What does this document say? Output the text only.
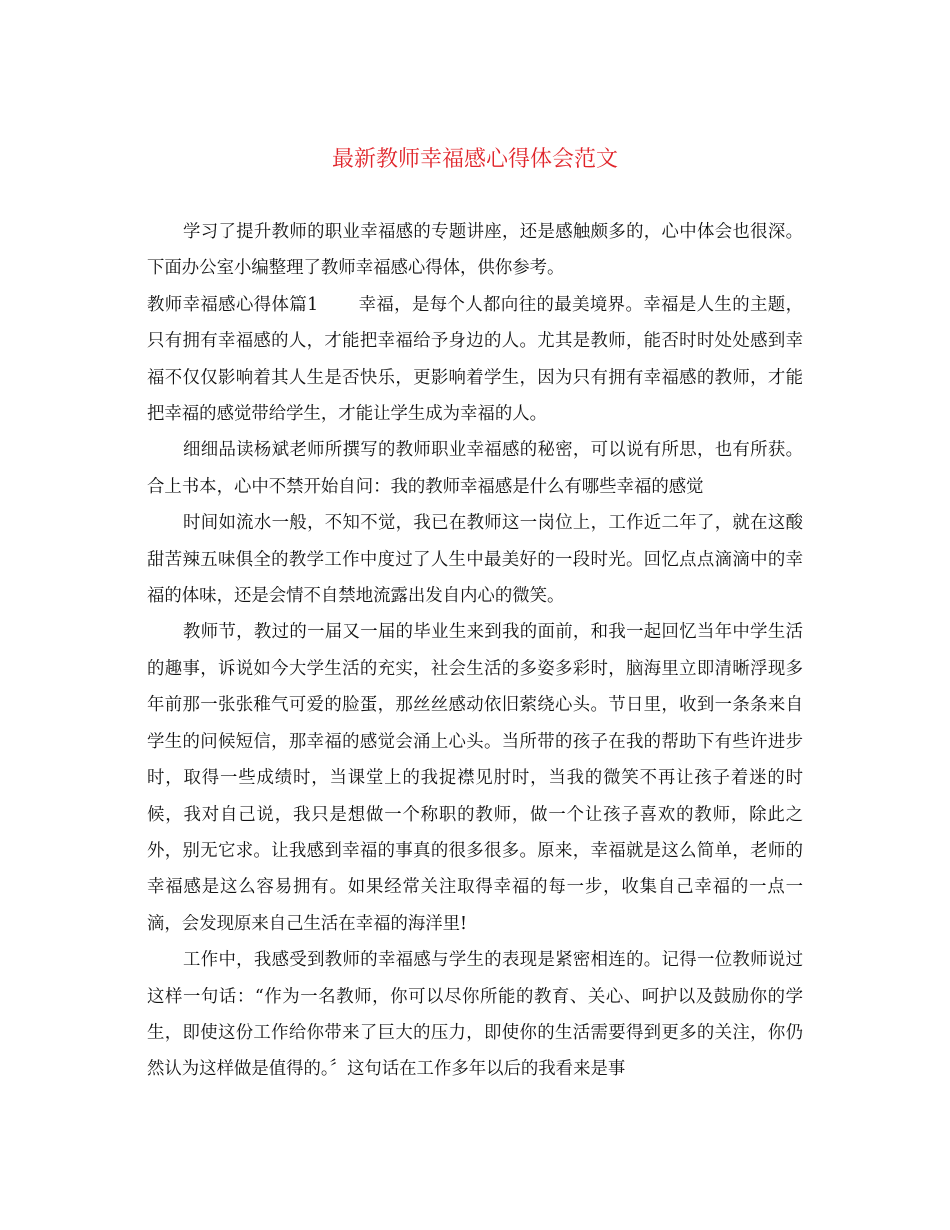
最新教师幸福感心得体会范文

学习了提升教师的职业幸福感的专题讲座，还是感触颇多的，心中体会也很深。下面办公室小编整理了教师幸福感心得体，供你参考。

教师幸福感心得体篇1 幸福，是每个人都向往的最美境界。幸福是人生的主题，只有拥有幸福感的人，才能把幸福给予身边的人。尤其是教师，能否时时处处感到幸福不仅仅影响着其人生是否快乐，更影响着学生，因为只有拥有幸福感的教师，才能把幸福的感觉带给学生，才能让学生成为幸福的人。

细细品读杨斌老师所撰写的教师职业幸福感的秘密，可以说有所思，也有所获。合上书本，心中不禁开始自问：我的教师幸福感是什么有哪些幸福的感觉

时间如流水一般，不知不觉，我已在教师这一岗位上，工作近二年了，就在这酸甜苦辣五味俱全的教学工作中度过了人生中最美好的一段时光。回忆点点滴滴中的幸福的体味，还是会情不自禁地流露出发自内心的微笑。

教师节，教过的一届又一届的毕业生来到我的面前，和我一起回忆当年中学生活的趣事，诉说如今大学生活的充实，社会生活的多姿多彩时，脑海里立即清晰浮现多年前那一张张稚气可爱的脸蛋，那丝丝感动依旧萦绕心头。节日里，收到一条条来自学生的问候短信，那幸福的感觉会涌上心头。当所带的孩子在我的帮助下有些许进步时，取得一些成绩时，当课堂上的我捉襟见肘时，当我的微笑不再让孩子着迷的时候，我对自己说，我只是想做一个称职的教师，做一个让孩子喜欢的教师，除此之外，别无它求。让我感到幸福的事真的很多很多。原来，幸福就是这么简单，老师的幸福感是这么容易拥有。如果经常关注取得幸福的每一步，收集自己幸福的一点一滴，会发现原来自己生活在幸福的海洋里!

工作中，我感受到教师的幸福感与学生的表现是紧密相连的。记得一位教师说过这样一句话：“作为一名教师，你可以尽你所能的教育、关心、呵护以及鼓励你的学生，即使这份工作给你带来了巨大的压力，即使你的生活需要得到更多的关注，你仍然认为这样做是值得的。〞这句话在工作多年以后的我看来是事
